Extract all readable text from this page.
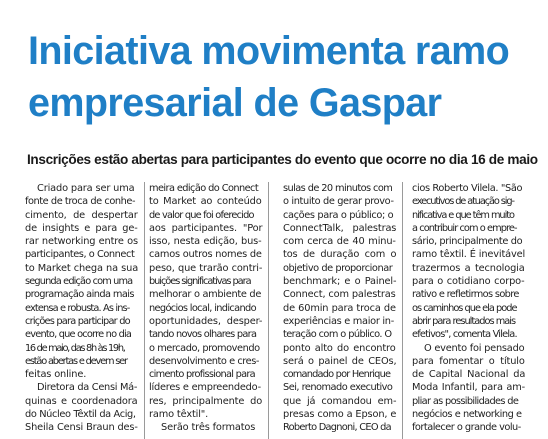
Iniciativa movimenta ramo
empresarial de Gaspar
Inscrições estão abertas para participantes do evento que ocorre no dia 16 de maio
Criado para ser uma
fonte de troca de conhe-
cimento, de despertar
de insights e para ge-
rar networking entre os
participantes, o Connect
to Market chega na sua
segunda edição com uma
programação ainda mais
extensa e robusta. As ins-
crições para participar do
evento, que ocorre no dia
16 de maio, das 8h às 19h,
estão abertas e devem ser
feitas online.
Diretora da Censi Má-
quinas e coordenadora
do Núcleo Têxtil da Acig,
Sheila Censi Braun des-
meira edição do Connect
to Market ao conteúdo
de valor que foi oferecido
aos participantes. "Por
isso, nesta edição, bus-
camos outros nomes de
peso, que trarão contri-
buições significativas para
melhorar o ambiente de
negócios local, indicando
oportunidades, desper-
tando novos olhares para
o mercado, promovendo
desenvolvimento e cres-
cimento profissional para
líderes e empreendedo-
res, principalmente do
ramo têxtil".
Serão três formatos
sulas de 20 minutos com
o intuito de gerar provo-
cações para o público; o
ConnectTalk, palestras
com cerca de 40 minu-
tos de duração com o
objetivo de proporcionar
benchmark; e o Painel-
Connect, com palestras
de 60min para troca de
experiências e maior in-
teração com o público. O
ponto alto do encontro
será o painel de CEOs,
comandado por Henrique
Sei, renomado executivo
que já comandou em-
presas como a Epson, e
Roberto Dagnoni, CEO da
cios Roberto Vilela. "São
executivos de atuação sig-
nificativa e que têm muito
a contribuir com o empre-
sário, principalmente do
ramo têxtil. É inevitável
trazermos a tecnologia
para o cotidiano corpo-
rativo e refletirmos sobre
os caminhos que ela pode
abrir para resultados mais
efetivos", comenta Vilela.
O evento foi pensado
para fomentar o título
de Capital Nacional da
Moda Infantil, para am-
pliar as possibilidades de
negócios e networking e
fortalecer o grande volu-
